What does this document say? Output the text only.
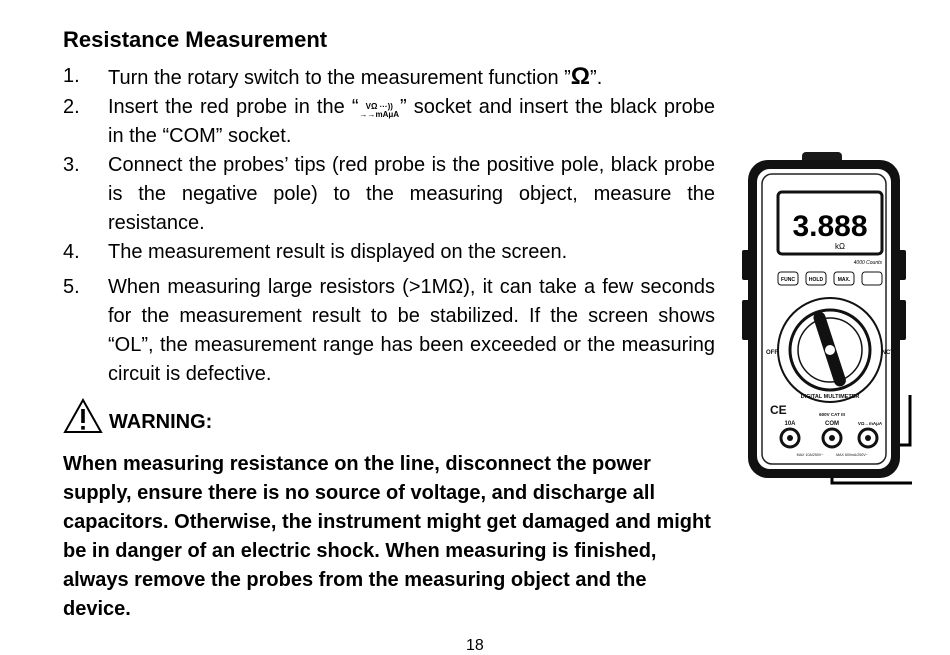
Resistance Measurement
1.	Turn the rotary switch to the measurement function ”Ω”.
2.	Insert the red probe in the “ VΩ ···))
→→mAμA ” socket and insert the black probe in the “COM” socket.
3.	Connect the probes’ tips (red probe is the positive pole, black probe is the negative pole) to the measuring object, measure the resistance.
4.	The measurement result is displayed on the screen.
5.	When measuring large resistors (>1MΩ), it can take a few seconds for the measurement result to be stabilized. If the screen shows “OL”, the measurement range has been exceeded or the measuring circuit is defective.
WARNING:

When measuring resistance on the line, disconnect the power supply, ensure there is no source of voltage, and discharge all capacitors. Otherwise, the instrument might get damaged and might be in danger of an electric shock. When measuring is finished, always remove the probes from the measuring object and the device.

18
3.888
kΩ
4000 Counts
FUNC	HOLD	MAX.
OFF	NCV
DIGITAL MULTIMETER
CE	600V CAT III
10A	COM	VΩ→mAμA
MAX 10A/250V~	MAX 600mA/250V~
